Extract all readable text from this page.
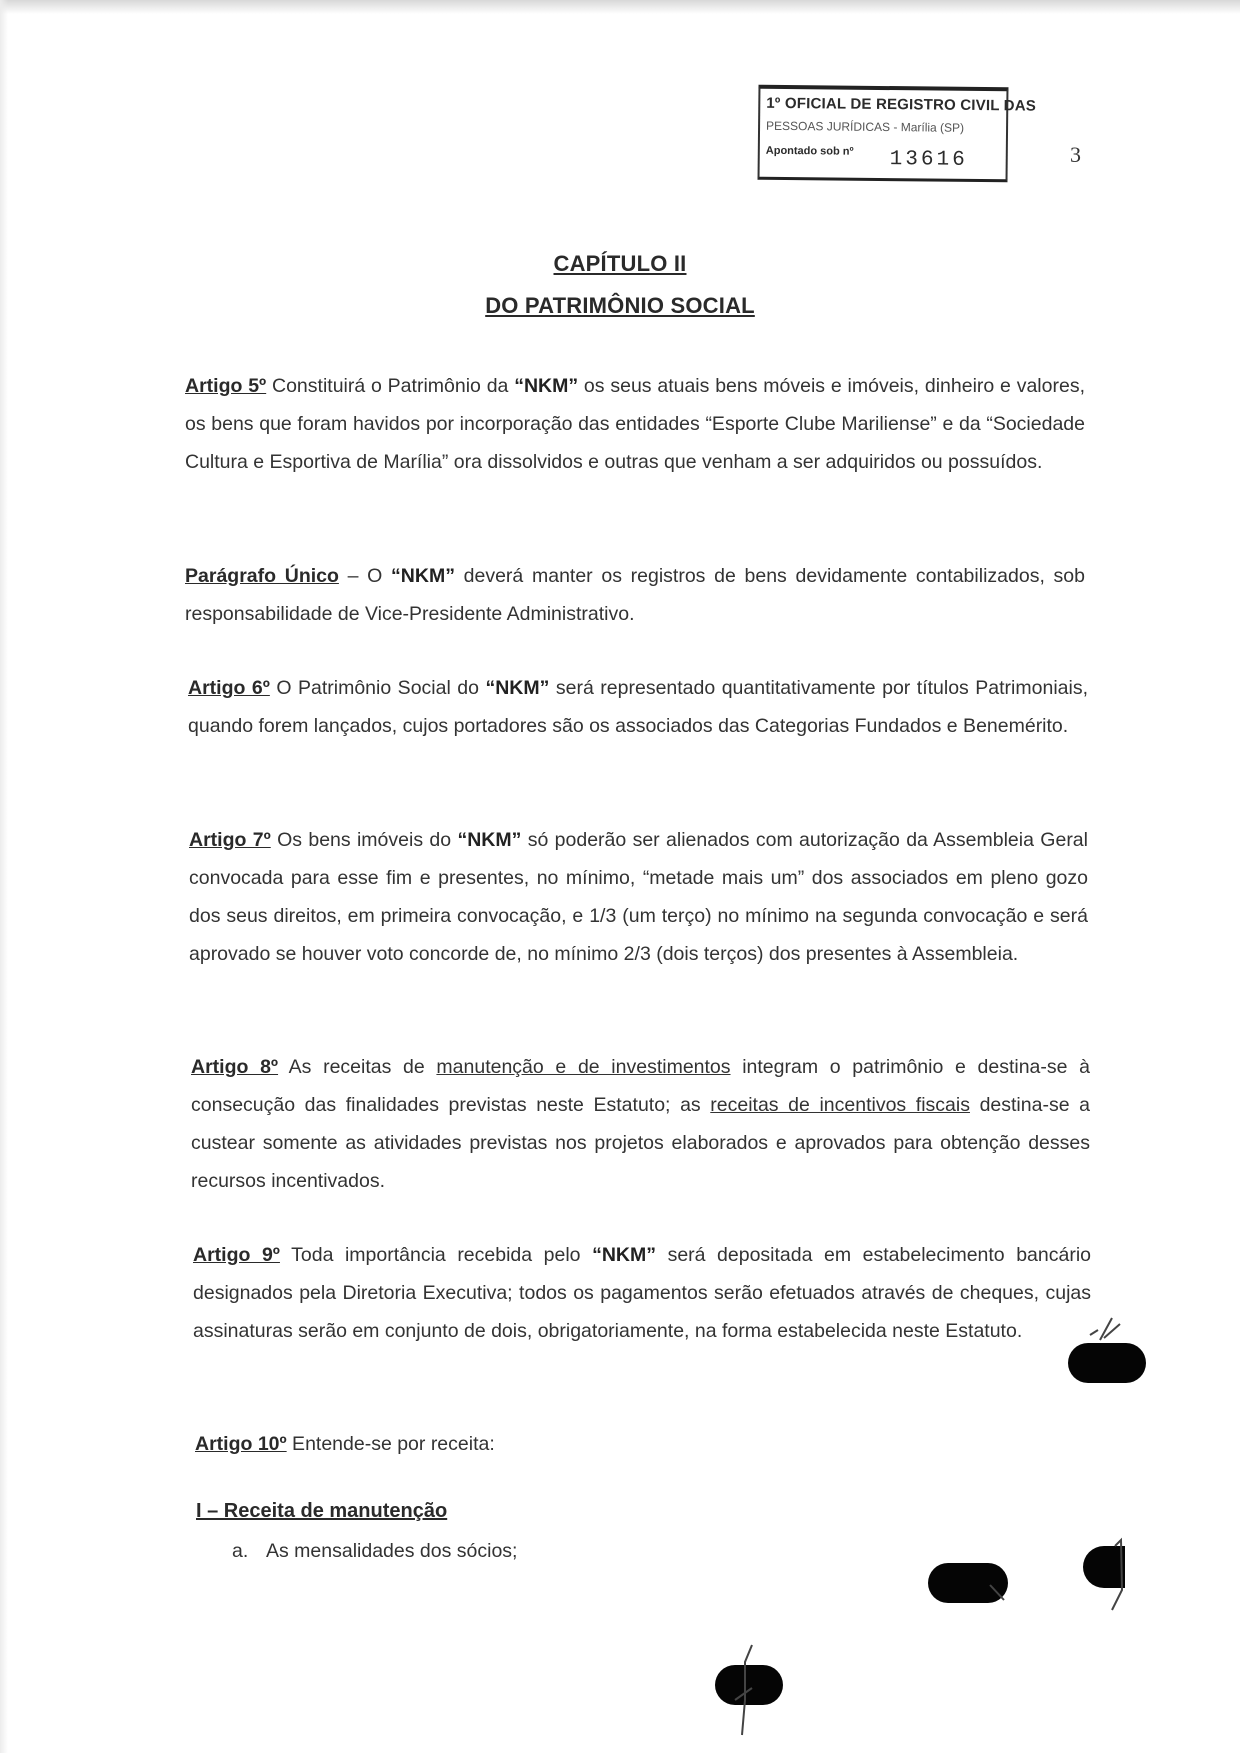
1º OFICIAL DE REGISTRO CIVIL DAS
PESSOAS JURÍDICAS - Marília (SP)
Apontado sob nº 13616	3
CAPÍTULO II
DO PATRIMÔNIO SOCIAL
Artigo 5º Constituirá o Patrimônio da “NKM” os seus atuais bens móveis e imóveis, dinheiro e valores, os bens que foram havidos por incorporação das entidades “Esporte Clube Mariliense” e da “Sociedade Cultura e Esportiva de Marília” ora dissolvidos e outras que venham a ser adquiridos ou possuídos.
Parágrafo Único – O “NKM” deverá manter os registros de bens devidamente contabilizados, sob responsabilidade de Vice-Presidente Administrativo.
Artigo 6º O Patrimônio Social do “NKM” será representado quantitativamente por títulos Patrimoniais, quando forem lançados, cujos portadores são os associados das Categorias Fundados e Benemérito.
Artigo 7º Os bens imóveis do “NKM” só poderão ser alienados com autorização da Assembleia Geral convocada para esse fim e presentes, no mínimo, “metade mais um” dos associados em pleno gozo dos seus direitos, em primeira convocação, e 1/3 (um terço) no mínimo na segunda convocação e será aprovado se houver voto concorde de, no mínimo 2/3 (dois terços) dos presentes à Assembleia.
Artigo 8º As receitas de manutenção e de investimentos integram o patrimônio e destina-se à consecução das finalidades previstas neste Estatuto; as receitas de incentivos fiscais destina-se a custear somente as atividades previstas nos projetos elaborados e aprovados para obtenção desses recursos incentivados.
Artigo 9º Toda importância recebida pelo “NKM” será depositada em estabelecimento bancário designados pela Diretoria Executiva; todos os pagamentos serão efetuados através de cheques, cujas assinaturas serão em conjunto de dois, obrigatoriamente, na forma estabelecida neste Estatuto.
Artigo 10º Entende-se por receita:
I – Receita de manutenção
a. As mensalidades dos sócios;
